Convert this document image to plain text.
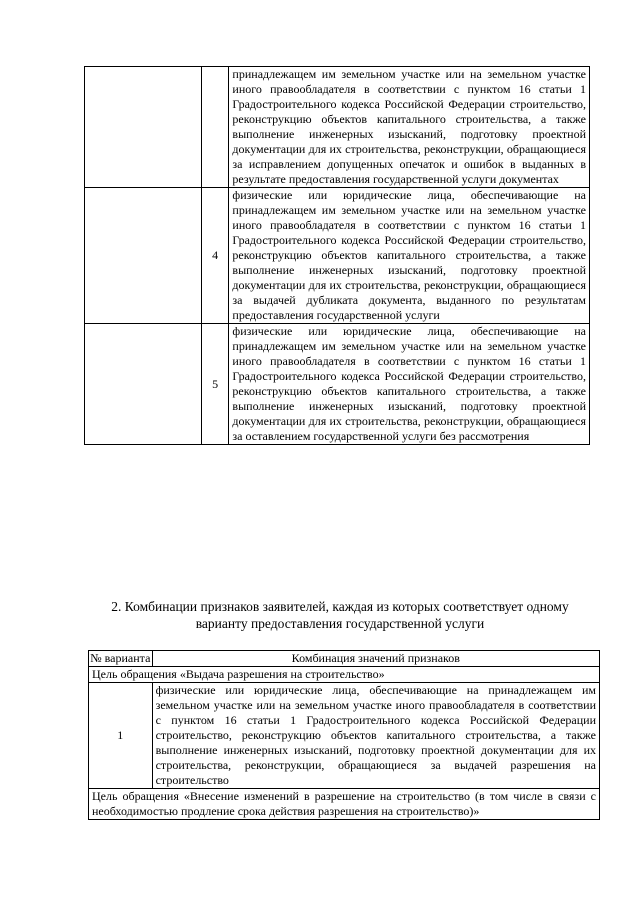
		принадлежащем им земельном участке или на земельном участке иного правообладателя в соответствии с пунктом 16 статьи 1 Градостроительного кодекса Российской Федерации строительство, реконструкцию объектов капитального строительства, а также выполнение инженерных изысканий, подготовку проектной документации для их строительства, реконструкции, обращающиеся за исправлением допущенных опечаток и ошибок в выданных в результате предоставления государственной услуги документах
	4	физические или юридические лица, обеспечивающие на принадлежащем им земельном участке или на земельном участке иного правообладателя в соответствии с пунктом 16 статьи 1 Градостроительного кодекса Российской Федерации строительство, реконструкцию объектов капитального строительства, а также выполнение инженерных изысканий, подготовку проектной документации для их строительства, реконструкции, обращающиеся за выдачей дубликата документа, выданного по результатам предоставления государственной услуги
	5	физические или юридические лица, обеспечивающие на принадлежащем им земельном участке или на земельном участке иного правообладателя в соответствии с пунктом 16 статьи 1 Градостроительного кодекса Российской Федерации строительство, реконструкцию объектов капитального строительства, а также выполнение инженерных изысканий, подготовку проектной документации для их строительства, реконструкции, обращающиеся за оставлением государственной услуги без рассмотрения
2. Комбинации признаков заявителей, каждая из которых соответствует одному варианту предоставления государственной услуги
№ варианта	Комбинация значений признаков
Цель обращения «Выдача разрешения на строительство»	
1	физические или юридические лица, обеспечивающие на принадлежащем им земельном участке или на земельном участке иного правообладателя в соответствии с пунктом 16 статьи 1 Градостроительного кодекса Российской Федерации строительство, реконструкцию объектов капитального строительства, а также выполнение инженерных изысканий, подготовку проектной документации для их строительства, реконструкции, обращающиеся за выдачей разрешения на строительство
Цель обращения «Внесение изменений в разрешение на строительство (в том числе в связи с необходимостью продление срока действия разрешения на строительство)»	
